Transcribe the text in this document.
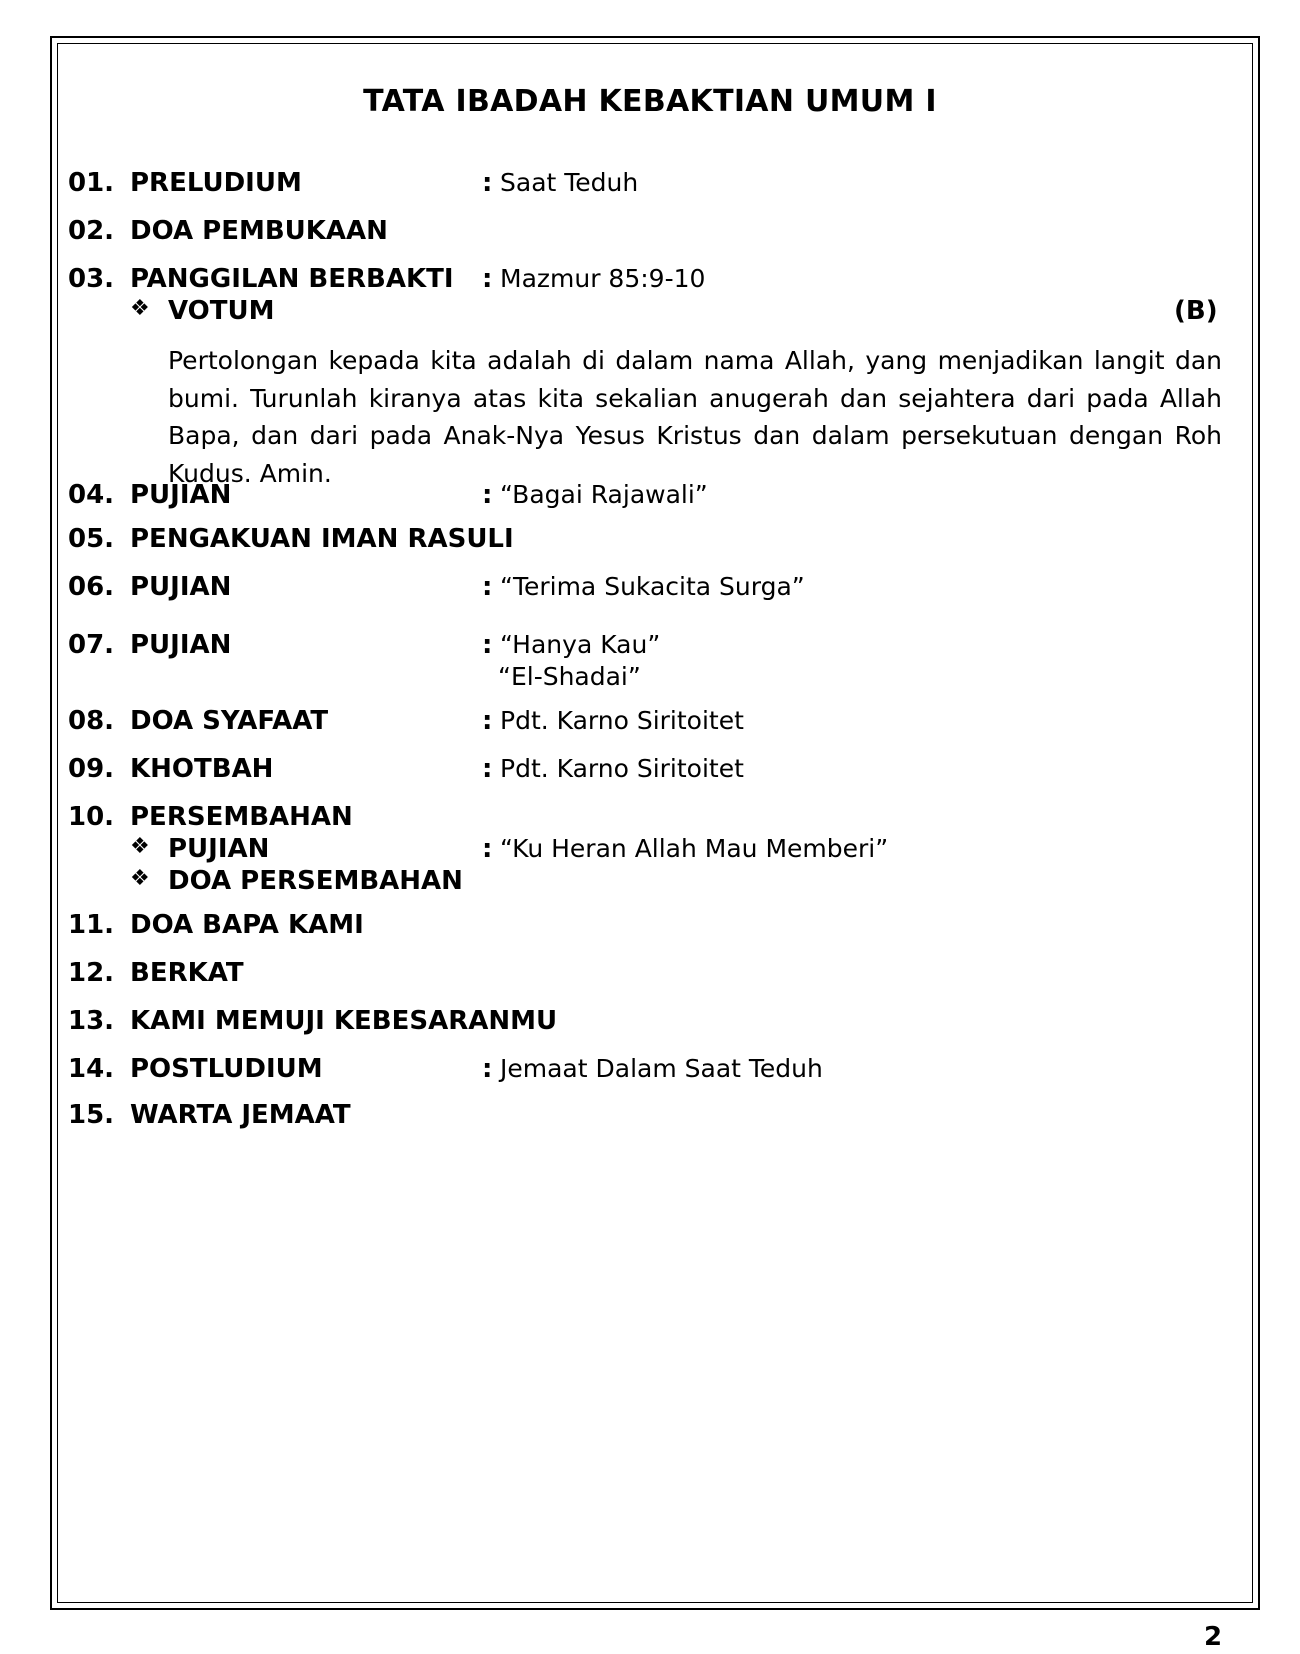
TATA IBADAH KEBAKTIAN UMUM I
01. PRELUDIUM	: Saat Teduh
02. DOA PEMBUKAAN
03. PANGGILAN BERBAKTI : Mazmur 85:9-10
❖ VOTUM	(B)
Pertolongan kepada kita adalah di dalam nama Allah, yang menjadikan langit dan bumi. Turunlah kiranya atas kita sekalian anugerah dan sejahtera dari pada Allah Bapa, dan dari pada Anak-Nya Yesus Kristus dan dalam persekutuan dengan Roh Kudus. Amin.
04. PUJIAN	: “Bagai Rajawali”
05. PENGAKUAN IMAN RASULI
06. PUJIAN	: “Terima Sukacita Surga”
07. PUJIAN	: “Hanya Kau”
“El-Shadai”
08. DOA SYAFAAT	: Pdt. Karno Siritoitet
09. KHOTBAH	: Pdt. Karno Siritoitet
10. PERSEMBAHAN
❖ PUJIAN	: “Ku Heran Allah Mau Memberi”
❖ DOA PERSEMBAHAN
11. DOA BAPA KAMI
12. BERKAT
13. KAMI MEMUJI KEBESARANMU
14. POSTLUDIUM	: Jemaat Dalam Saat Teduh
15. WARTA JEMAAT
2
